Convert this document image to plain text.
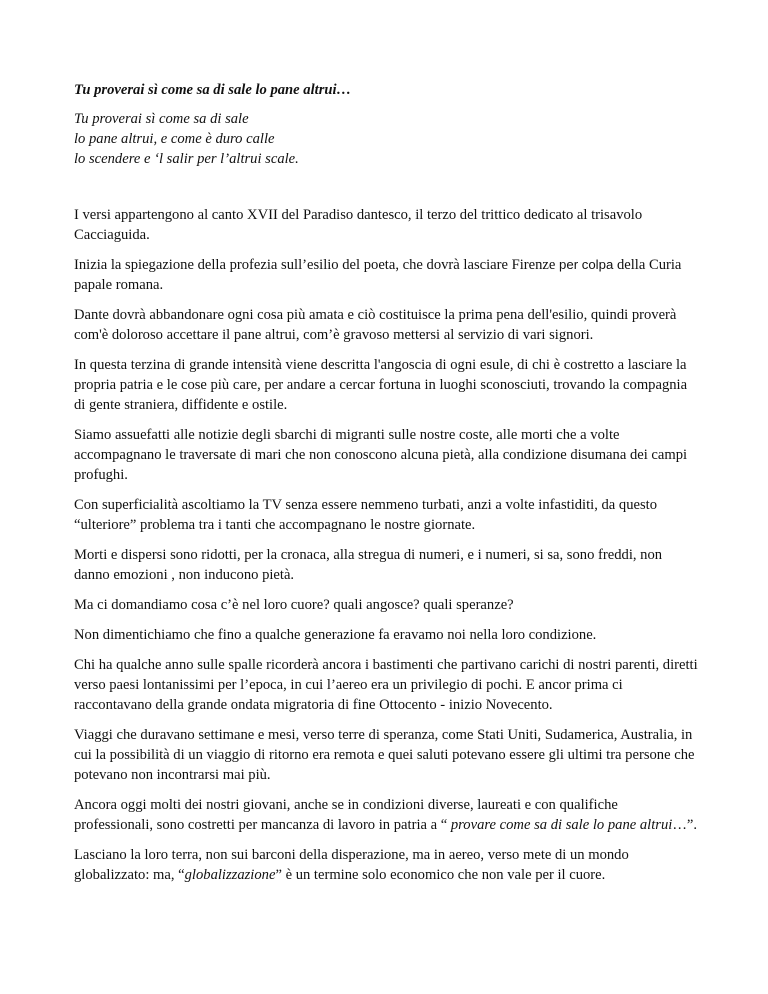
Tu proverai sì come sa di sale lo pane altrui…
Tu proverai sì come sa di sale
lo pane altrui, e come è duro calle
lo scendere e ‘l salir per l’altrui scale.

I versi appartengono al canto XVII del Paradiso dantesco, il terzo del trittico dedicato al trisavolo Cacciaguida.

Inizia la spiegazione della profezia sull’esilio del poeta, che dovrà lasciare Firenze per colpa della Curia papale romana.

Dante dovrà abbandonare ogni cosa più amata e ciò costituisce la prima pena dell'esilio, quindi proverà com'è doloroso accettare il pane altrui, com’è gravoso mettersi al servizio di vari signori.

In questa terzina di grande intensità viene descritta l'angoscia di ogni esule, di chi è costretto a lasciare la propria patria e le cose più care, per andare a cercar fortuna in luoghi sconosciuti, trovando la compagnia di gente straniera, diffidente e ostile.

Siamo assuefatti alle notizie degli sbarchi di migranti sulle nostre coste, alle morti che a volte accompagnano le traversate di mari che non conoscono alcuna pietà, alla condizione disumana dei campi profughi.

Con superficialità ascoltiamo la TV senza essere nemmeno turbati, anzi a volte infastiditi, da questo “ulteriore” problema tra i tanti che accompagnano le nostre giornate.

Morti e dispersi sono ridotti, per la cronaca, alla stregua di numeri, e i numeri, si sa, sono freddi, non danno emozioni , non inducono pietà.

Ma ci domandiamo cosa c’è nel loro cuore? quali angosce? quali speranze?

Non dimentichiamo che fino a qualche generazione fa eravamo noi nella loro condizione.

Chi ha qualche anno sulle spalle ricorderà ancora i bastimenti che partivano carichi di nostri parenti, diretti verso paesi lontanissimi per l’epoca, in cui l’aereo era un privilegio di pochi. E ancor prima ci raccontavano della grande ondata migratoria di fine Ottocento - inizio Novecento.

Viaggi che duravano settimane e mesi, verso terre di speranza, come Stati Uniti, Sudamerica, Australia, in cui la possibilità di un viaggio di ritorno era remota e quei saluti potevano essere gli ultimi tra persone che potevano non incontrarsi mai più.

Ancora oggi molti dei nostri giovani, anche se in condizioni diverse, laureati e con qualifiche professionali, sono costretti per mancanza di lavoro in patria a “ provare come sa di sale lo pane altrui…”.

Lasciano la loro terra, non sui barconi della disperazione, ma in aereo, verso mete di un mondo globalizzato: ma, “globalizzazione” è un termine solo economico che non vale per il cuore.
